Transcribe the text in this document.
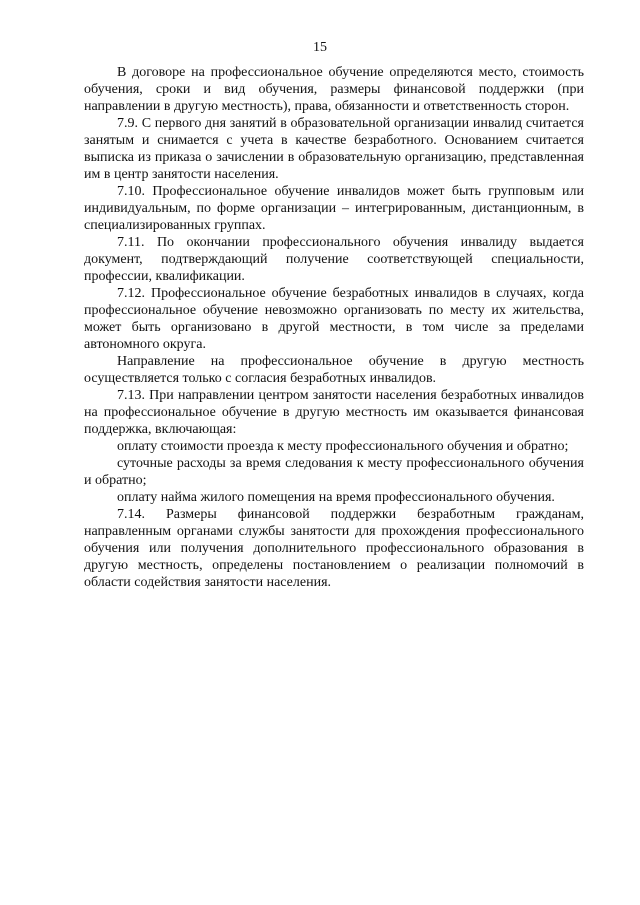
15

В договоре на профессиональное обучение определяются место, стоимость обучения, сроки и вид обучения, размеры финансовой поддержки (при направлении в другую местность), права, обязанности и ответственность сторон.

7.9. С первого дня занятий в образовательной организации инвалид считается занятым и снимается с учета в качестве безработного. Основанием считается выписка из приказа о зачислении в образовательную организацию, представленная им в центр занятости населения.

7.10. Профессиональное обучение инвалидов может быть групповым или индивидуальным, по форме организации – интегрированным, дистанционным, в специализированных группах.

7.11. По окончании профессионального обучения инвалиду выдается документ, подтверждающий получение соответствующей специальности, профессии, квалификации.

7.12. Профессиональное обучение безработных инвалидов в случаях, когда профессиональное обучение невозможно организовать по месту их жительства, может быть организовано в другой местности, в том числе за пределами автономного округа.

Направление на профессиональное обучение в другую местность осуществляется только с согласия безработных инвалидов.

7.13. При направлении центром занятости населения безработных инвалидов на профессиональное обучение в другую местность им оказывается финансовая поддержка, включающая:

оплату стоимости проезда к месту профессионального обучения и обратно;

суточные расходы за время следования к месту профессионального обучения и обратно;

оплату найма жилого помещения на время профессионального обучения.

7.14. Размеры финансовой поддержки безработным гражданам, направленным органами службы занятости для прохождения профессионального обучения или получения дополнительного профессионального образования в другую местность, определены постановлением о реализации полномочий в области содействия занятости населения.
